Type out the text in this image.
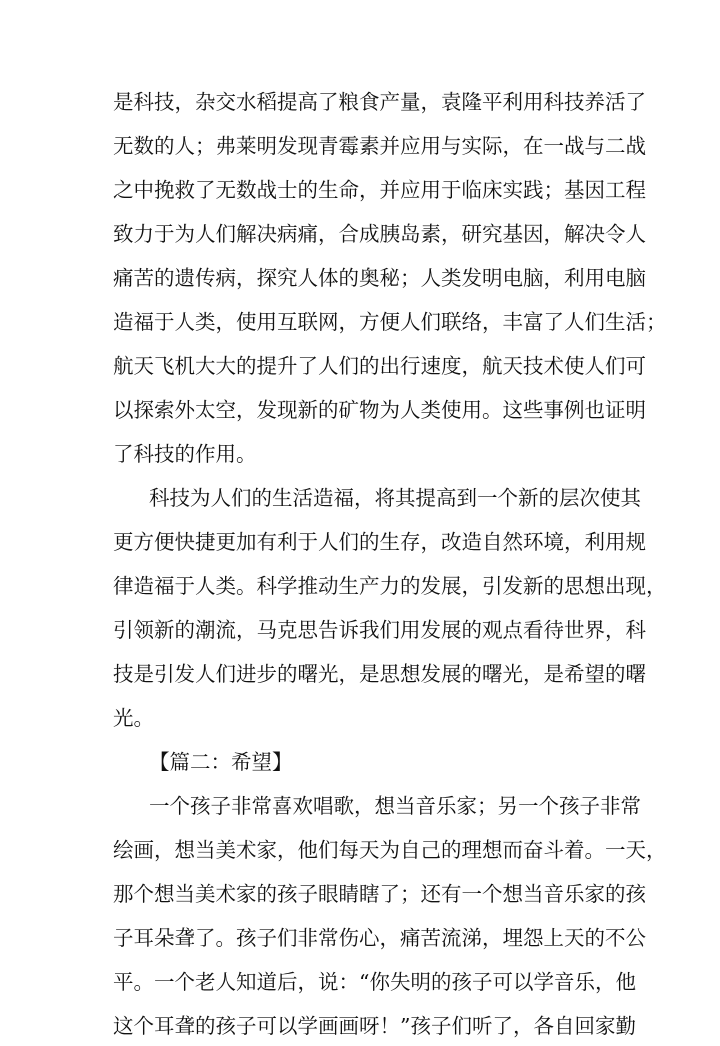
是科技，杂交水稻提高了粮食产量，袁隆平利用科技养活了
无数的人；弗莱明发现青霉素并应用与实际，在一战与二战
之中挽救了无数战士的生命，并应用于临床实践；基因工程
致力于为人们解决病痛，合成胰岛素，研究基因，解决令人
痛苦的遗传病，探究人体的奥秘；人类发明电脑，利用电脑
造福于人类，使用互联网，方便人们联络，丰富了人们生活；
航天飞机大大的提升了人们的出行速度，航天技术使人们可
以探索外太空，发现新的矿物为人类使用。这些事例也证明
了科技的作用。
科技为人们的生活造福，将其提高到一个新的层次使其
更方便快捷更加有利于人们的生存，改造自然环境，利用规
律造福于人类。科学推动生产力的发展，引发新的思想出现，
引领新的潮流，马克思告诉我们用发展的观点看待世界，科
技是引发人们进步的曙光，是思想发展的曙光，是希望的曙
光。
【篇二：希望】
一个孩子非常喜欢唱歌，想当音乐家；另一个孩子非常
绘画，想当美术家，他们每天为自己的理想而奋斗着。一天，
那个想当美术家的孩子眼睛瞎了；还有一个想当音乐家的孩
子耳朵聋了。孩子们非常伤心，痛苦流涕，埋怨上天的不公
平。一个老人知道后，说：“你失明的孩子可以学音乐，他
这个耳聋的孩子可以学画画呀！”孩子们听了，各自回家勤
